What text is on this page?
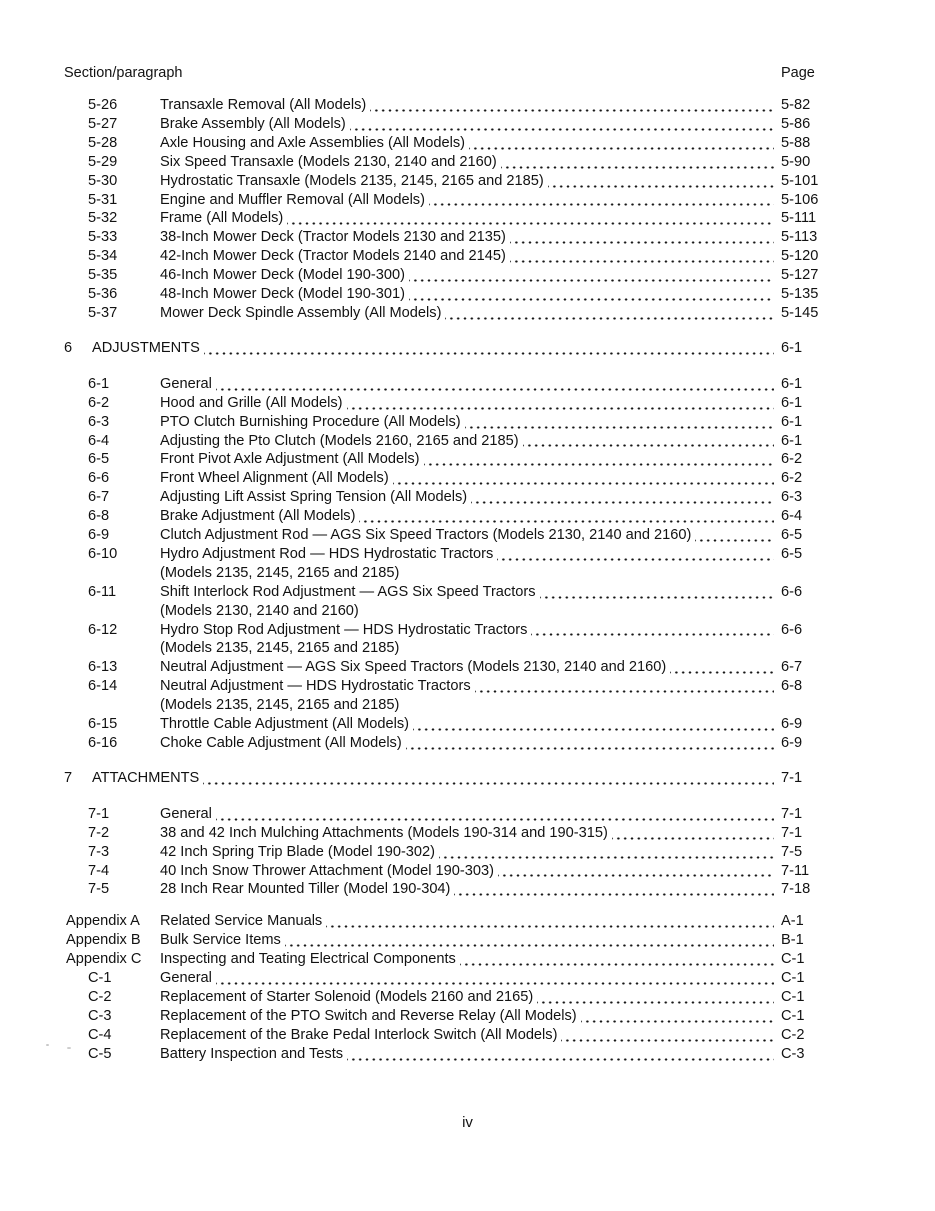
Section/paragraph	Page
5-26	Transaxle Removal (All Models)	5-82
5-27	Brake Assembly (All Models)	5-86
5-28	Axle Housing and Axle Assemblies (All Models)	5-88
5-29	Six Speed Transaxle (Models 2130, 2140 and 2160)	5-90
5-30	Hydrostatic Transaxle (Models 2135, 2145, 2165 and 2185)	5-101
5-31	Engine and Muffler Removal (All Models)	5-106
5-32	Frame (All Models)	5-111
5-33	38-Inch Mower Deck (Tractor Models 2130 and 2135)	5-113
5-34	42-Inch Mower Deck (Tractor Models 2140 and 2145)	5-120
5-35	46-Inch Mower Deck (Model 190-300)	5-127
5-36	48-Inch Mower Deck (Model 190-301)	5-135
5-37	Mower Deck Spindle Assembly (All Models)	5-145
6	ADJUSTMENTS	6-1
6-1	General	6-1
6-2	Hood and Grille (All Models)	6-1
6-3	PTO Clutch Burnishing Procedure (All Models)	6-1
6-4	Adjusting the Pto Clutch (Models 2160, 2165 and 2185)	6-1
6-5	Front Pivot Axle Adjustment (All Models)	6-2
6-6	Front Wheel Alignment (All Models)	6-2
6-7	Adjusting Lift Assist Spring Tension (All Models)	6-3
6-8	Brake Adjustment (All Models)	6-4
6-9	Clutch Adjustment Rod — AGS Six Speed Tractors (Models 2130, 2140 and 2160)	6-5
6-10	Hydro Adjustment Rod — HDS Hydrostatic Tractors	6-5
(Models 2135, 2145, 2165 and 2185)
6-11	Shift Interlock Rod Adjustment — AGS Six Speed Tractors	6-6
(Models 2130, 2140 and 2160)
6-12	Hydro Stop Rod Adjustment — HDS Hydrostatic Tractors	6-6
(Models 2135, 2145, 2165 and 2185)
6-13	Neutral Adjustment — AGS Six Speed Tractors (Models 2130, 2140 and 2160)	6-7
6-14	Neutral Adjustment — HDS Hydrostatic Tractors	6-8
(Models 2135, 2145, 2165 and 2185)
6-15	Throttle Cable Adjustment (All Models)	6-9
6-16	Choke Cable Adjustment (All Models)	6-9
7	ATTACHMENTS	7-1
7-1	General	7-1
7-2	38 and 42 Inch Mulching Attachments (Models 190-314 and 190-315)	7-1
7-3	42 Inch Spring Trip Blade (Model 190-302)	7-5
7-4	40 Inch Snow Thrower Attachment (Model 190-303)	7-11
7-5	28 Inch Rear Mounted Tiller (Model 190-304)	7-18
Appendix A	Related Service Manuals	A-1
Appendix B	Bulk Service Items	B-1
Appendix C	Inspecting and Teating Electrical Components	C-1
C-1	General	C-1
C-2	Replacement of Starter Solenoid (Models 2160 and 2165)	C-1
C-3	Replacement of the PTO Switch and Reverse Relay (All Models)	C-1
C-4	Replacement of the Brake Pedal Interlock Switch (All Models)	C-2
C-5	Battery Inspection and Tests	C-3
iv
